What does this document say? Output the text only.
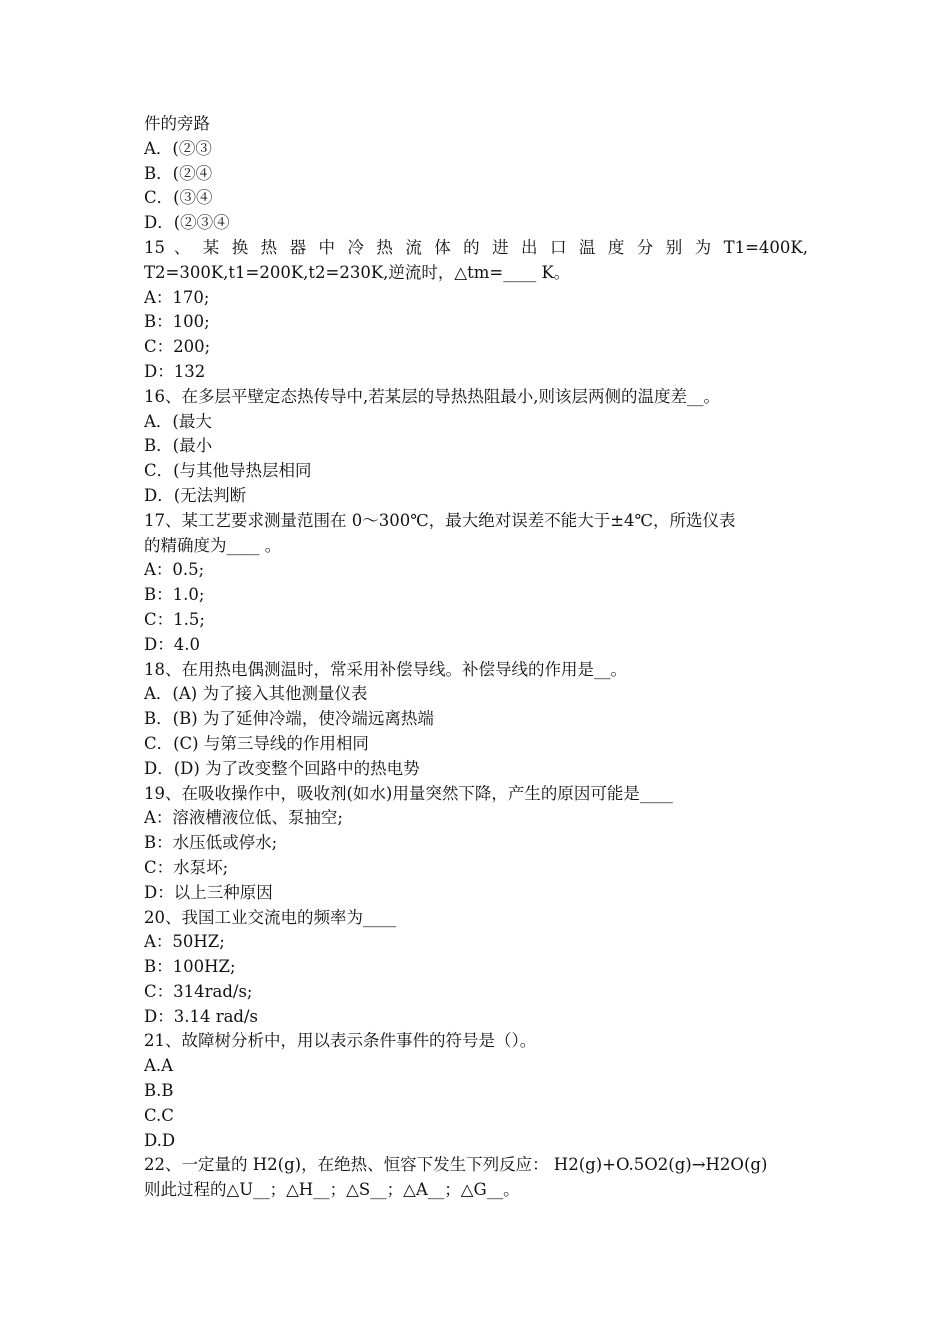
件的旁路
A．(②③
B．(②④
C．(③④
D．(②③④
15 、 某 换 热 器 中 冷 热 流 体 的 进 出 口 温 度 分 别 为 T1=400K,
T2=300K,t1=200K,t2=230K,逆流时，△tm=____ K。
A：170;
B：100;
C：200;
D：132
16、在多层平壁定态热传导中,若某层的导热热阻最小,则该层两侧的温度差__。
A．(最大
B．(最小
C．(与其他导热层相同
D．(无法判断
17、某工艺要求测量范围在 0～300℃，最大绝对误差不能大于±4℃，所选仪表
的精确度为____ 。
A：0.5;
B：1.0;
C：1.5;
D：4.0
18、在用热电偶测温时，常采用补偿导线。补偿导线的作用是__。
A．(A) 为了接入其他测量仪表
B．(B) 为了延伸冷端，使冷端远离热端
C．(C) 与第三导线的作用相同
D．(D) 为了改变整个回路中的热电势
19、在吸收操作中，吸收剂(如水)用量突然下降，产生的原因可能是____
A：溶液槽液位低、泵抽空;
B：水压低或停水;
C：水泵坏;
D：以上三种原因
20、我国工业交流电的频率为____
A：50HZ;
B：100HZ;
C：314rad/s;
D：3.14 rad/s
21、故障树分析中，用以表示条件事件的符号是（）。
A.A
B.B
C.C
D.D
22、一定量的 H2(g)，在绝热、恒容下发生下列反应： H2(g)+O.5O2(g)→H2O(g)
则此过程的△U__；△H__；△S__；△A__；△G__。
